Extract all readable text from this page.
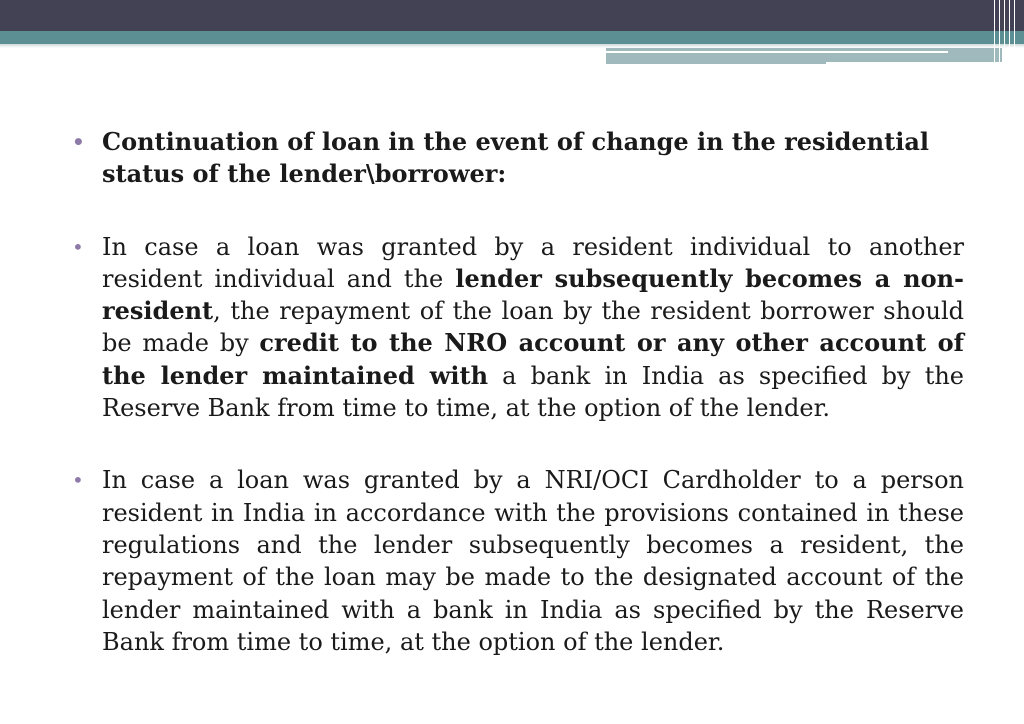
• Continuation of loan in the event of change in the residential status of the lender\borrower:
• In case a loan was granted by a resident individual to another resident individual and the lender subsequently becomes a non-resident, the repayment of the loan by the resident borrower should be made by credit to the NRO account or any other account of the lender maintained with a bank in India as specified by the Reserve Bank from time to time, at the option of the lender.
• In case a loan was granted by a NRI/OCI Cardholder to a person resident in India in accordance with the provisions contained in these regulations and the lender subsequently becomes a resident, the repayment of the loan may be made to the designated account of the lender maintained with a bank in India as specified by the Reserve Bank from time to time, at the option of the lender.
